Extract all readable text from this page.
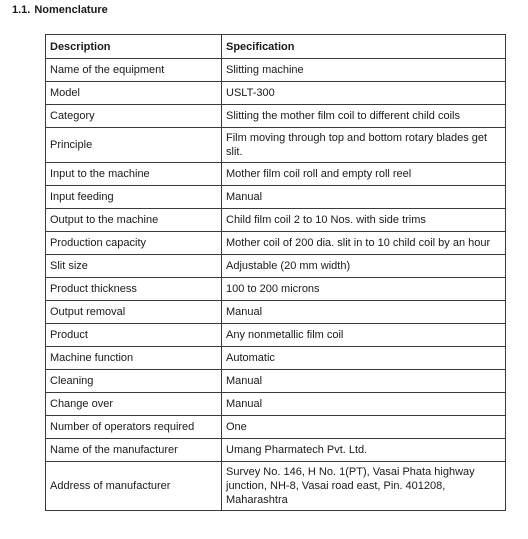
1.1. Nomenclature
Description	Specification
Name of the equipment	Slitting machine
Model	USLT-300
Category	Slitting the mother film coil to different child coils
Principle	Film moving through top and bottom rotary blades get slit.
Input to the machine	Mother film coil roll and empty roll reel
Input feeding	Manual
Output to the machine	Child film coil 2 to 10 Nos. with side trims
Production capacity	Mother coil of 200 dia. slit in to 10 child coil by an hour
Slit size	Adjustable (20 mm width)
Product thickness	100 to 200 microns
Output removal	Manual
Product	Any nonmetallic film coil
Machine function	Automatic
Cleaning	Manual
Change over	Manual
Number of operators required	One
Name of the manufacturer	Umang Pharmatech Pvt. Ltd.
Address of manufacturer	Survey No. 146, H No. 1(PT), Vasai Phata highway junction, NH-8, Vasai road east, Pin. 401208, Maharashtra
